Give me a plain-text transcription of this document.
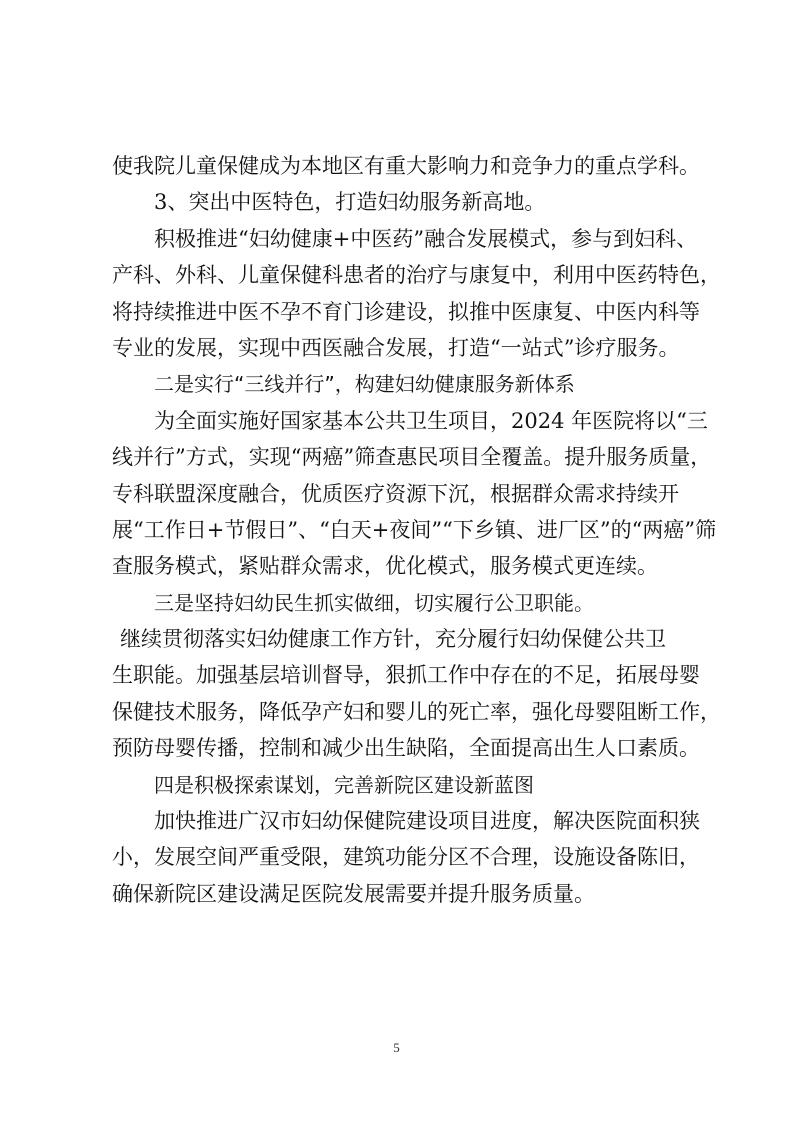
使我院儿童保健成为本地区有重大影响力和竞争力的重点学科。

3、突出中医特色，打造妇幼服务新高地。

积极推进“妇幼健康+中医药”融合发展模式，参与到妇科、

产科、外科、儿童保健科患者的治疗与康复中，利用中医药特色，

将持续推进中医不孕不育门诊建设，拟推中医康复、中医内科等

专业的发展，实现中西医融合发展，打造“一站式”诊疗服务。

二是实行“三线并行”，构建妇幼健康服务新体系

为全面实施好国家基本公共卫生项目，2024 年医院将以“三

线并行”方式，实现“两癌”筛查惠民项目全覆盖。提升服务质量，

专科联盟深度融合，优质医疗资源下沉，根据群众需求持续开

展“工作日+节假日”、“白天+夜间”“下乡镇、进厂区”的“两癌”筛

查服务模式，紧贴群众需求，优化模式，服务模式更连续。

三是坚持妇幼民生抓实做细，切实履行公卫职能。

继续贯彻落实妇幼健康工作方针，充分履行妇幼保健公共卫

生职能。加强基层培训督导，狠抓工作中存在的不足，拓展母婴

保健技术服务，降低孕产妇和婴儿的死亡率，强化母婴阻断工作，

预防母婴传播，控制和减少出生缺陷，全面提高出生人口素质。

四是积极探索谋划，完善新院区建设新蓝图

加快推进广汉市妇幼保健院建设项目进度，解决医院面积狭

小，发展空间严重受限，建筑功能分区不合理，设施设备陈旧，

确保新院区建设满足医院发展需要并提升服务质量。

5
